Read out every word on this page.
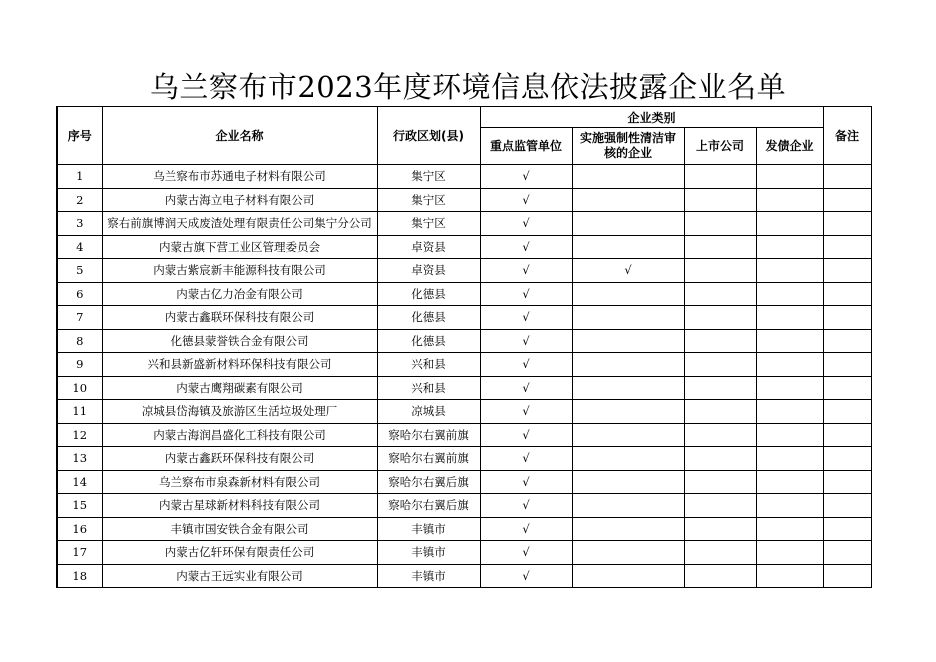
乌兰察布市2023年度环境信息依法披露企业名单
序号	企业名称	行政区划(县)	企业类别				备注
			重点监管单位	实施强制性清洁审核的企业	上市公司	发债企业	
1	乌兰察布市苏通电子材料有限公司	集宁区	√				
2	内蒙古海立电子材料有限公司	集宁区	√				
3	察右前旗博润天成废渣处理有限责任公司集宁分公司	集宁区	√				
4	内蒙古旗下营工业区管理委员会	卓资县	√				
5	内蒙古紫宸新丰能源科技有限公司	卓资县	√	√			
6	内蒙古亿力冶金有限公司	化德县	√				
7	内蒙古鑫联环保科技有限公司	化德县	√				
8	化德县蒙誉铁合金有限公司	化德县	√				
9	兴和县新盛新材料环保科技有限公司	兴和县	√				
10	内蒙古鹰翔碳素有限公司	兴和县	√				
11	凉城县岱海镇及旅游区生活垃圾处理厂	凉城县	√				
12	内蒙古海润昌盛化工科技有限公司	察哈尔右翼前旗	√				
13	内蒙古鑫跃环保科技有限公司	察哈尔右翼前旗	√				
14	乌兰察布市泉森新材料有限公司	察哈尔右翼后旗	√				
15	内蒙古星球新材料科技有限公司	察哈尔右翼后旗	√				
16	丰镇市国安铁合金有限公司	丰镇市	√				
17	内蒙古亿轩环保有限责任公司	丰镇市	√				
18	内蒙古王远实业有限公司	丰镇市	√				
